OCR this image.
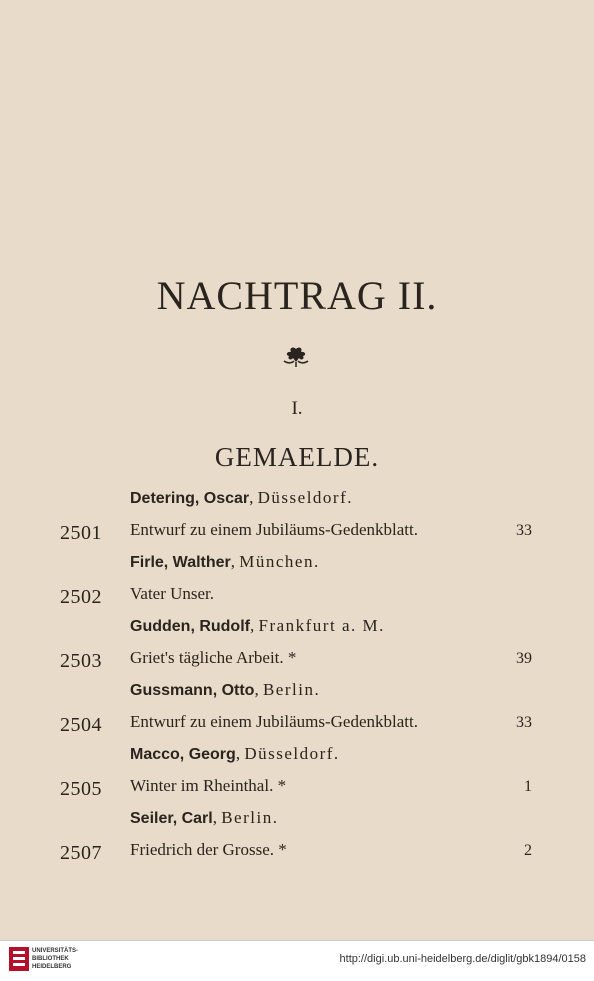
NACHTRAG II.
I.
GEMAELDE.
Detering, Oscar, Düsseldorf.
2501 Entwurf zu einem Jubiläums-Gedenkblatt.	33
Firle, Walther, München.
2502 Vater Unser.
Gudden, Rudolf, Frankfurt a. M.
2503 Griet's tägliche Arbeit. *	39
Gussmann, Otto, Berlin.
2504 Entwurf zu einem Jubiläums-Gedenkblatt.	33
Macco, Georg, Düsseldorf.
2505 Winter im Rheinthal. *	1
Seiler, Carl, Berlin.
2507 Friedrich der Grosse. *	2
UNIVERSITÄTS-
BIBLIOTHEK
HEIDELBERG
http://digi.ub.uni-heidelberg.de/diglit/gbk1894/0158
